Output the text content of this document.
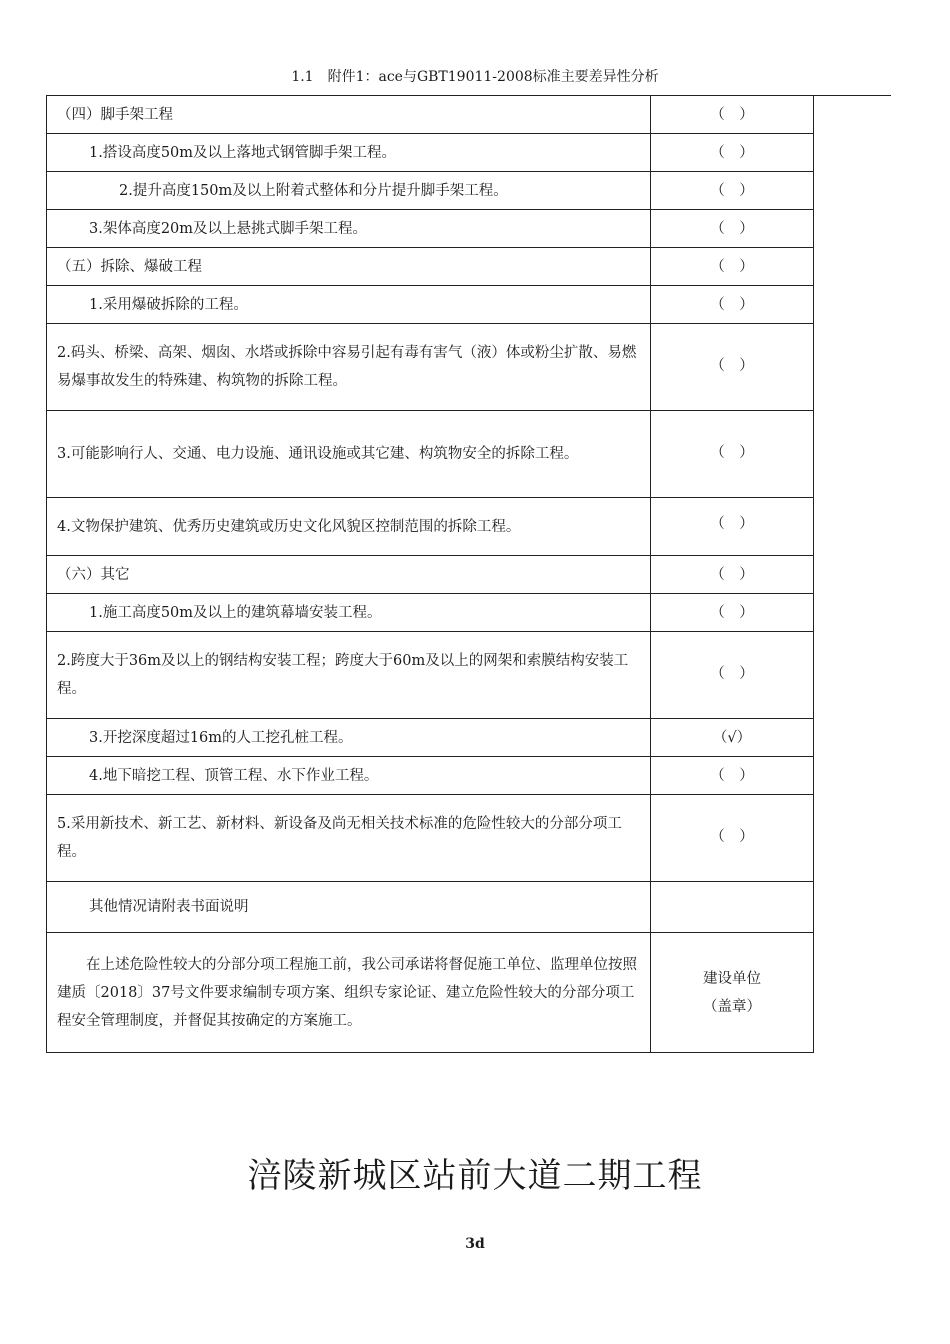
1.1　附件1：ace与GBT19011-2008标准主要差异性分析
（四）脚手架工程	（　）
1.搭设高度50m及以上落地式钢管脚手架工程。	（　）
2.提升高度150m及以上附着式整体和分片提升脚手架工程。	（　）
3.架体高度20m及以上悬挑式脚手架工程。	（　）
（五）拆除、爆破工程	（　）
1.采用爆破拆除的工程。	（　）
2.码头、桥梁、高架、烟囱、水塔或拆除中容易引起有毒有害气（液）体或粉尘扩散、易燃易爆事故发生的特殊建、构筑物的拆除工程。	（　）
3.可能影响行人、交通、电力设施、通讯设施或其它建、构筑物安全的拆除工程。	（　）
4.文物保护建筑、优秀历史建筑或历史文化风貌区控制范围的拆除工程。	（　）
（六）其它	（　）
1.施工高度50m及以上的建筑幕墙安装工程。	（　）
2.跨度大于36m及以上的钢结构安装工程；跨度大于60m及以上的网架和索膜结构安装工程。	（　）
3.开挖深度超过16m的人工挖孔桩工程。	（√）
4.地下暗挖工程、顶管工程、水下作业工程。	（　）
5.采用新技术、新工艺、新材料、新设备及尚无相关技术标准的危险性较大的分部分项工程。	（　）
其他情况请附表书面说明	
在上述危险性较大的分部分项工程施工前，我公司承诺将督促施工单位、监理单位按照建质〔2018〕37号文件要求编制专项方案、组织专家论证、建立危险性较大的分部分项工程安全管理制度，并督促其按确定的方案施工。	建设单位
（盖章）
涪陵新城区站前大道二期工程
3d
